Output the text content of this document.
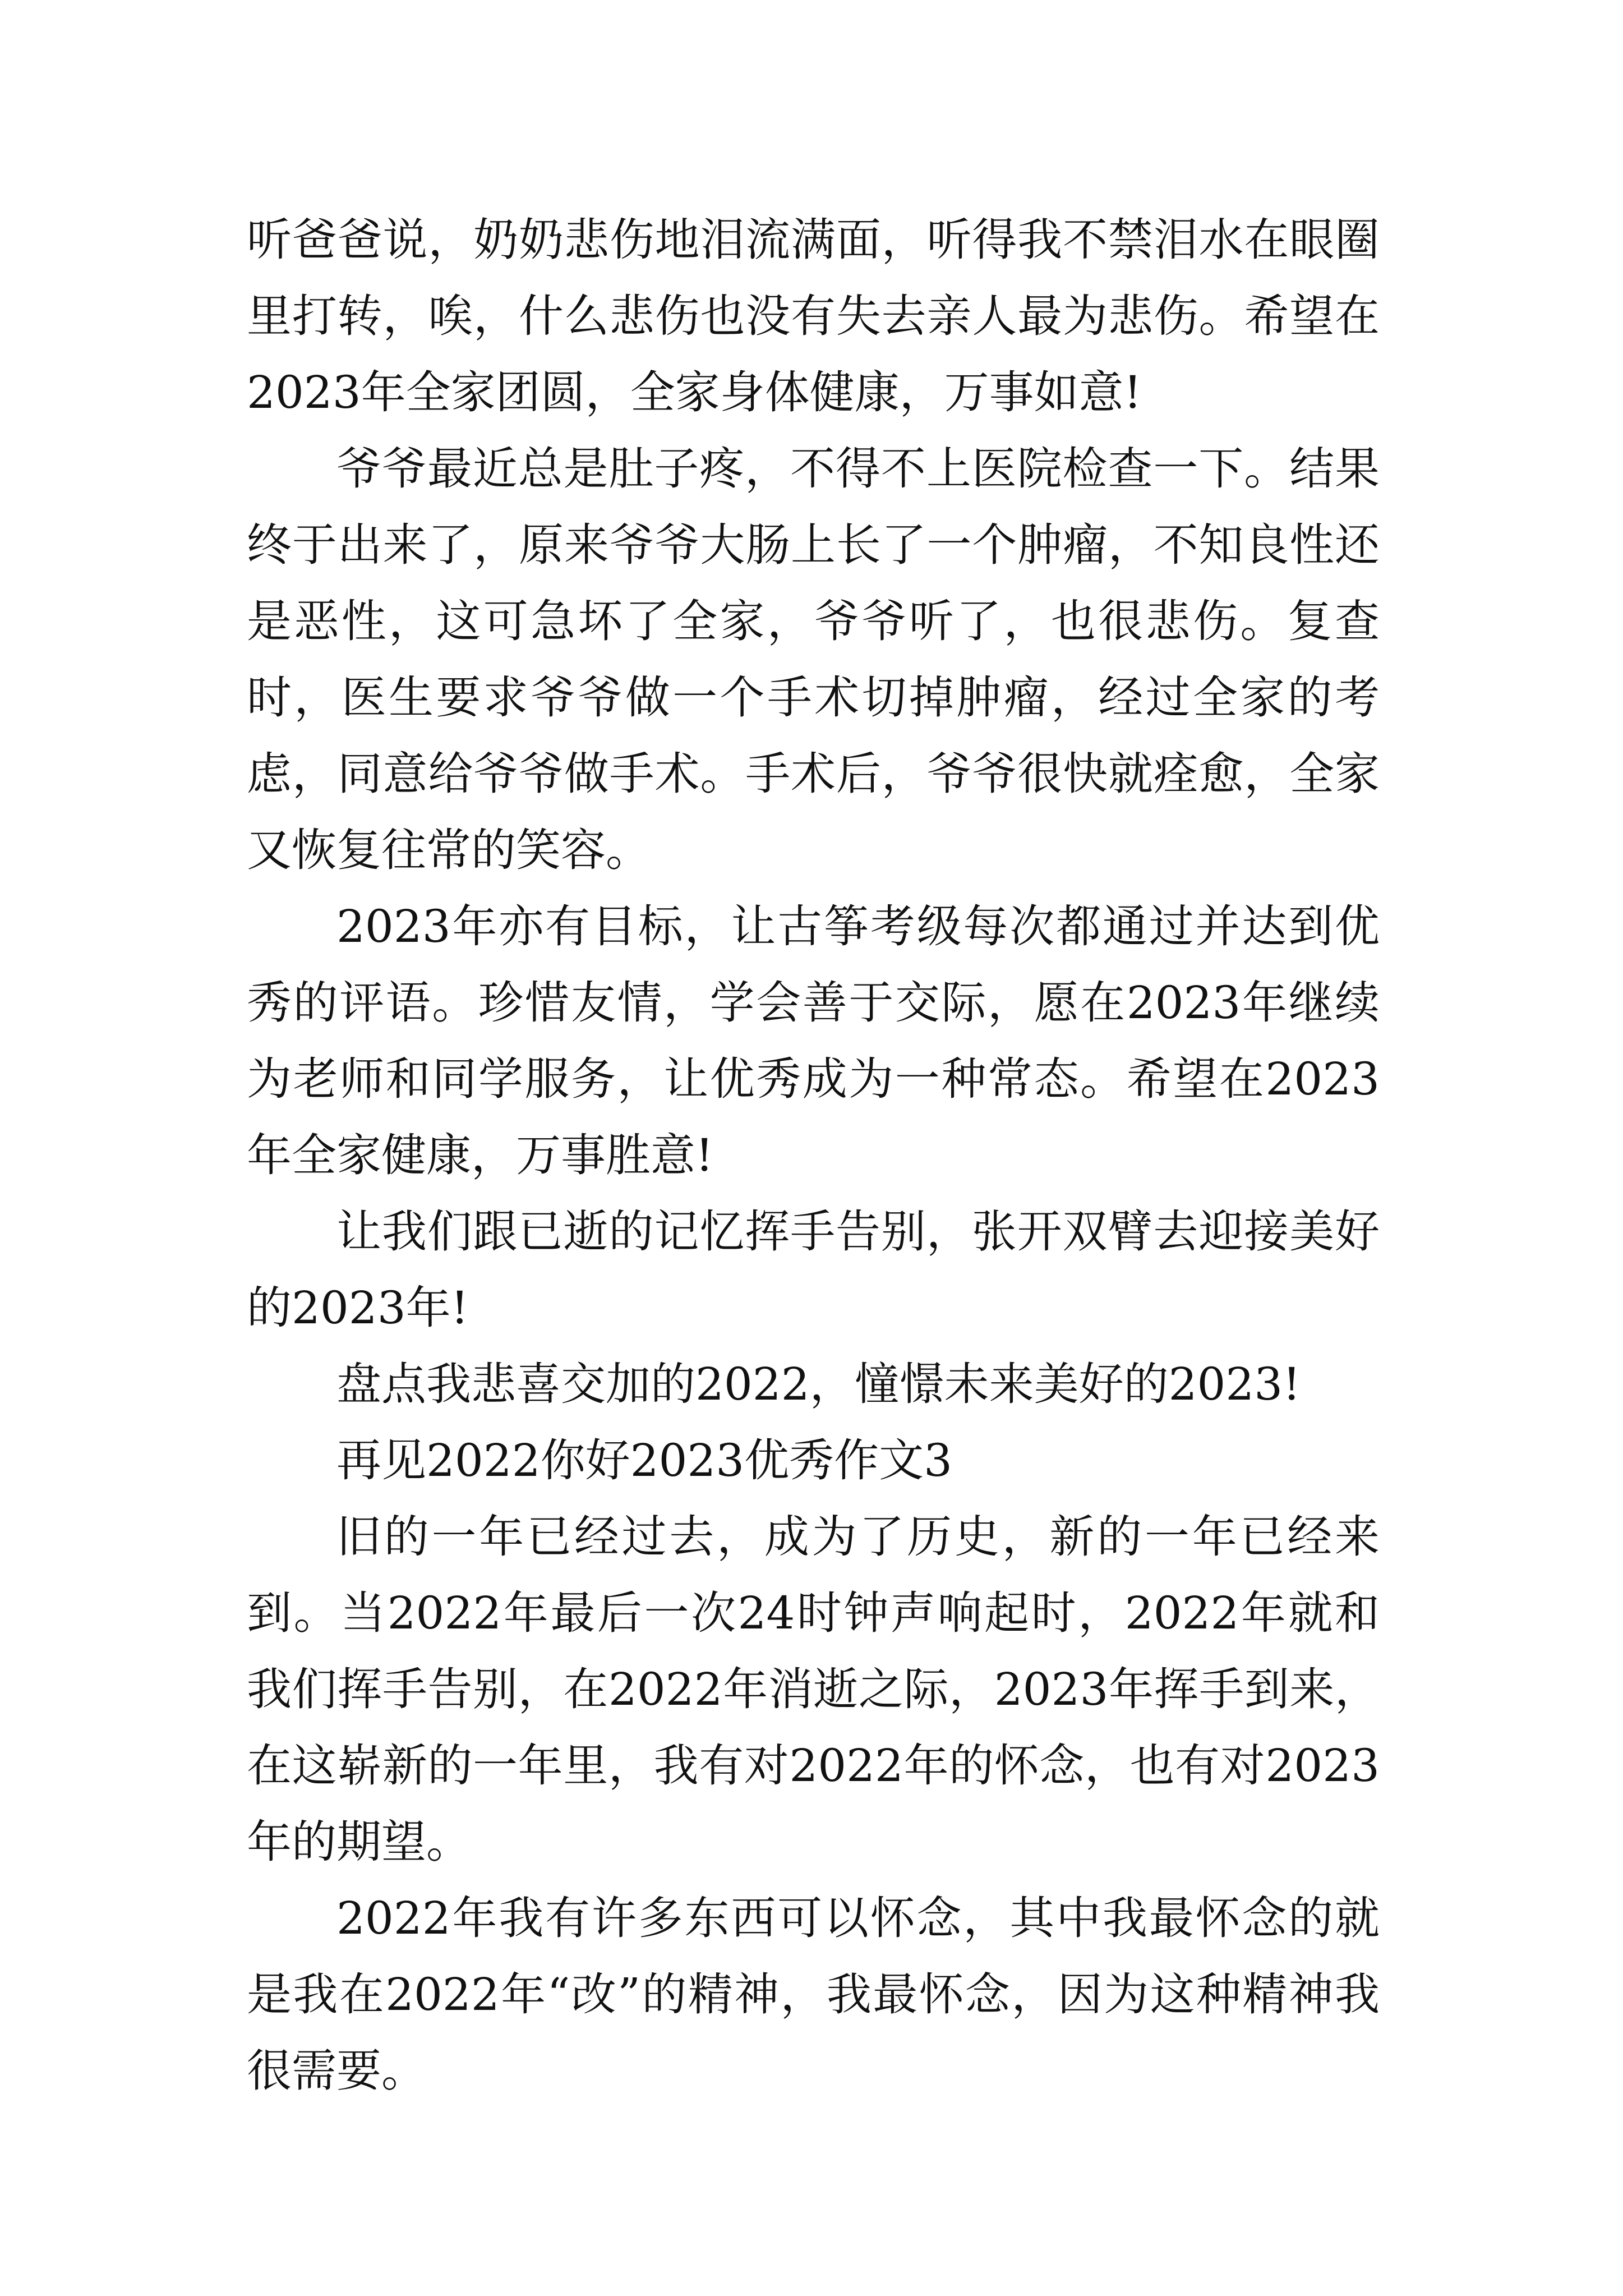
听爸爸说，奶奶悲伤地泪流满面，听得我不禁泪水在眼圈里打转，唉，什么悲伤也没有失去亲人最为悲伤。希望在2023年全家团圆，全家身体健康，万事如意!

爷爷最近总是肚子疼，不得不上医院检查一下。结果终于出来了，原来爷爷大肠上长了一个肿瘤，不知良性还是恶性，这可急坏了全家，爷爷听了，也很悲伤。复查时，医生要求爷爷做一个手术切掉肿瘤，经过全家的考虑，同意给爷爷做手术。手术后，爷爷很快就痊愈，全家又恢复往常的笑容。

2023年亦有目标，让古筝考级每次都通过并达到优秀的评语。珍惜友情，学会善于交际，愿在2023年继续为老师和同学服务，让优秀成为一种常态。希望在2023年全家健康，万事胜意!

让我们跟已逝的记忆挥手告别，张开双臂去迎接美好的2023年!

盘点我悲喜交加的2022，憧憬未来美好的2023!

再见2022你好2023优秀作文3

旧的一年已经过去，成为了历史，新的一年已经来到。当2022年最后一次24时钟声响起时，2022年就和我们挥手告别，在2022年消逝之际，2023年挥手到来，在这崭新的一年里，我有对2022年的怀念，也有对2023年的期望。

2022年我有许多东西可以怀念，其中我最怀念的就是我在2022年“改”的精神，我最怀念，因为这种精神我很需要。
